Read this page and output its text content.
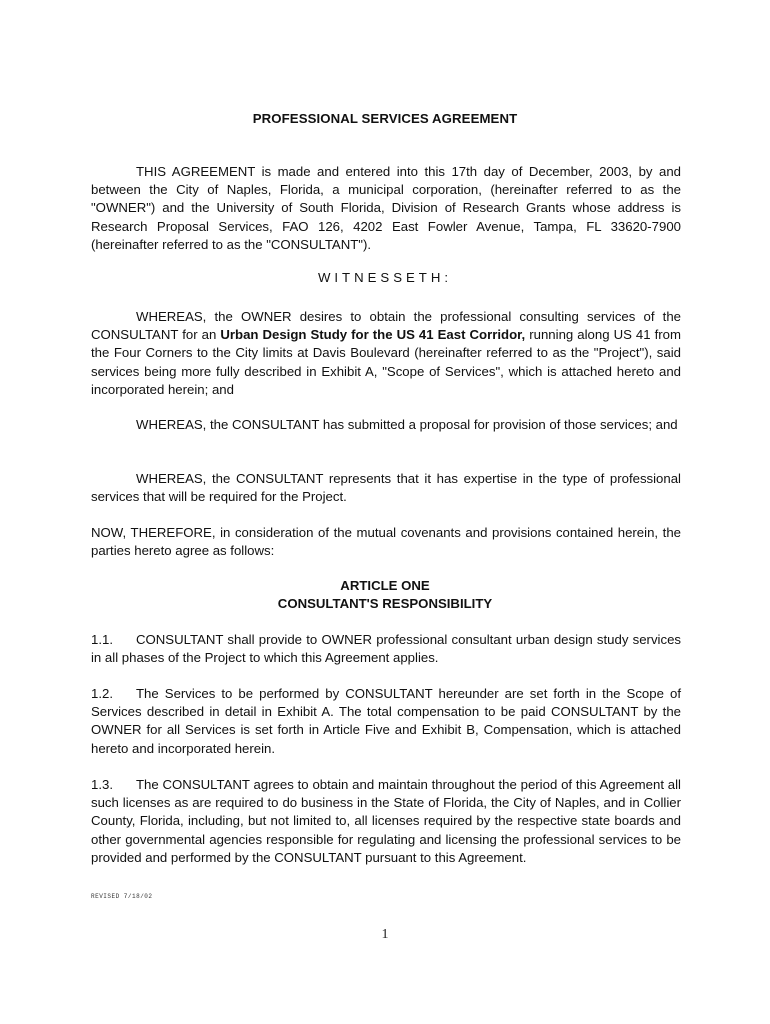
PROFESSIONAL SERVICES AGREEMENT

THIS AGREEMENT is made and entered into this 17th day of December, 2003, by and between the City of Naples, Florida, a municipal corporation, (hereinafter referred to as the "OWNER") and the University of South Florida, Division of Research Grants whose address is Research Proposal Services, FAO 126, 4202 East Fowler Avenue, Tampa, FL 33620-7900 (hereinafter referred to as the "CONSULTANT").

WITNESSETH:

WHEREAS, the OWNER desires to obtain the professional consulting services of the CONSULTANT for an Urban Design Study for the US 41 East Corridor, running along US 41 from the Four Corners to the City limits at Davis Boulevard (hereinafter referred to as the "Project"), said services being more fully described in Exhibit A, "Scope of Services", which is attached hereto and incorporated herein; and

WHEREAS, the CONSULTANT has submitted a proposal for provision of those services; and

WHEREAS, the CONSULTANT represents that it has expertise in the type of professional services that will be required for the Project.

NOW, THEREFORE, in consideration of the mutual covenants and provisions contained herein, the parties hereto agree as follows:

ARTICLE ONE
CONSULTANT'S RESPONSIBILITY

1.1. CONSULTANT shall provide to OWNER professional consultant urban design study services in all phases of the Project to which this Agreement applies.

1.2. The Services to be performed by CONSULTANT hereunder are set forth in the Scope of Services described in detail in Exhibit A. The total compensation to be paid CONSULTANT by the OWNER for all Services is set forth in Article Five and Exhibit B, Compensation, which is attached hereto and incorporated herein.

1.3. The CONSULTANT agrees to obtain and maintain throughout the period of this Agreement all such licenses as are required to do business in the State of Florida, the City of Naples, and in Collier County, Florida, including, but not limited to, all licenses required by the respective state boards and other governmental agencies responsible for regulating and licensing the professional services to be provided and performed by the CONSULTANT pursuant to this Agreement.

REVISED 7/18/02
1
